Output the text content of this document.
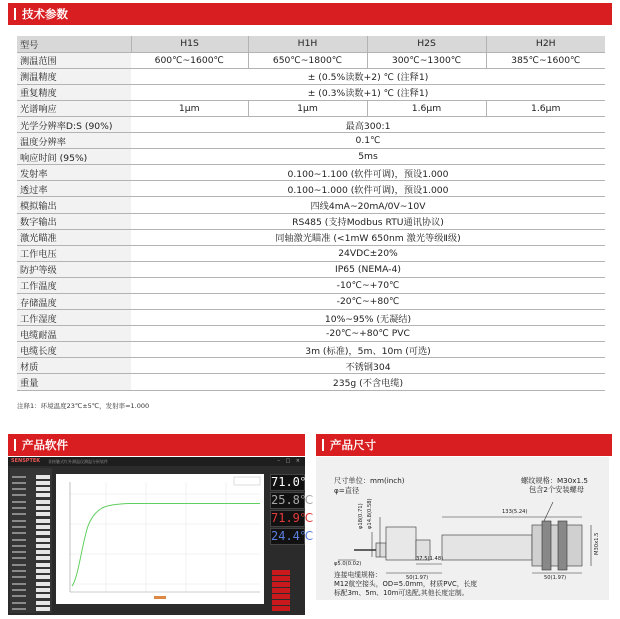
技术参数
型号	H1S	H1H	H2S	H2H
测温范围	600℃~1600℃	650℃~1800℃	300℃~1300℃	385℃~1600℃
测温精度	± (0.5%读数+2) ℃ (注释1)			
重复精度	± (0.3%读数+1) ℃ (注释1)			
光谱响应	1μm	1μm	1.6μm	1.6μm
光学分辨率D:S (90%)	最高300:1			
温度分辨率	0.1℃			
响应时间 (95%)	5ms			
发射率	0.100~1.100 (软件可调)，预设1.000			
透过率	0.100~1.000 (软件可调)，预设1.000			
模拟输出	四线4mA~20mA/0V~10V			
数字输出	RS485 (支持Modbus RTU通讯协议)			
激光瞄准	同轴激光瞄准 (<1mW 650nm 激光等级Ⅱ级)			
工作电压	24VDC±20%			
防护等级	IP65 (NEMA-4)			
工作温度	-10℃~+70℃			
存储温度	-20℃~+80℃			
工作湿度	10%~95% (无凝结)			
电缆耐温	-20℃~+80℃ PVC			
电缆长度	3m (标准)，5m、10m (可选)			
材质	不锈钢304			
重量	235g (不含电缆)			
注释1：环境温度23℃±5℃，发射率=1.000
产品软件
SENSPTEK 非接触式红外测温仪测温分析软件	– □ ×
71.0℃
25.8℃
71.9℃
24.4℃
产品尺寸
尺寸单位：mm(inch)
φ=直径
螺纹规格：M30x1.5
包含2个安装螺母
133(5.24)
37.5(1.48)
50(1.97)	50(1.97)
φ5.0(0.02)
M30x1.5
φ18(0.71) φ14.8(0.58)
连接电缆规格：
M12航空接头，OD=5.0mm，材质PVC，长度
标配3m、5m、10m可选配,其他长度定制。
